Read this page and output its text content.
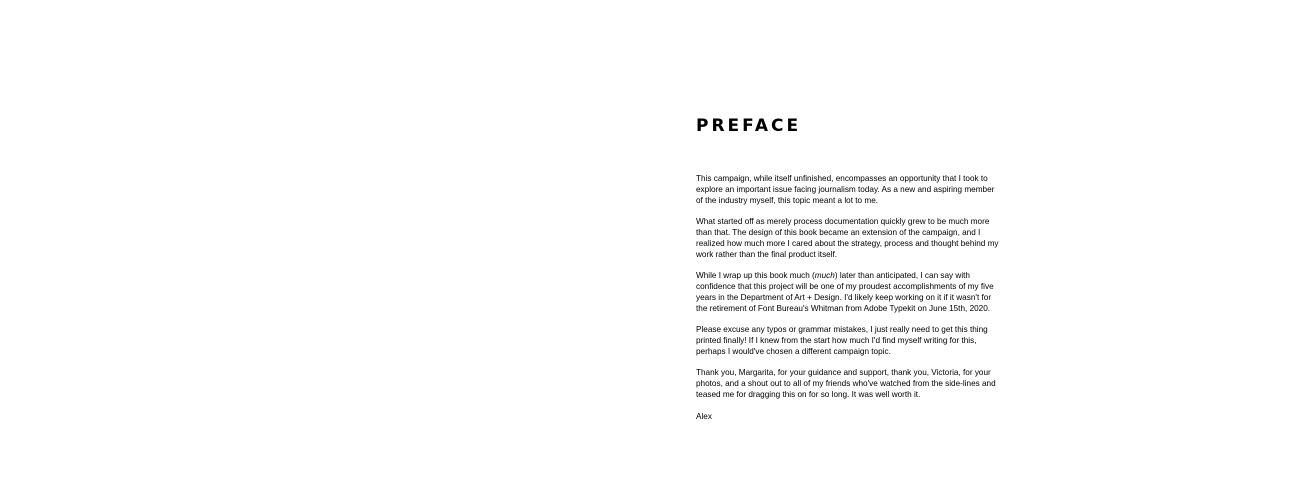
PREFACE

This campaign, while itself unfinished, encompasses an opportunity that I took to explore an important issue facing journalism today. As a new and aspiring member of the industry myself, this topic meant a lot to me.

What started off as merely process documentation quickly grew to be much more than that. The design of this book became an extension of the campaign, and I realized how much more I cared about the strategy, process and thought behind my work rather than the final product itself.

While I wrap up this book much (much) later than anticipated, I can say with confidence that this project will be one of my proudest accomplishments of my five years in the Department of Art + Design. I'd likely keep working on it if it wasn't for the retirement of Font Bureau's Whitman from Adobe Typekit on June 15th, 2020.

Please excuse any typos or grammar mistakes, I just really need to get this thing printed finally! If I knew from the start how much I'd find myself writing for this, perhaps I would've chosen a different campaign topic.

Thank you, Margarita, for your guidance and support, thank you, Victoria, for your photos, and a shout out to all of my friends who've watched from the side-lines and teased me for dragging this on for so long. It was well worth it.

Alex
